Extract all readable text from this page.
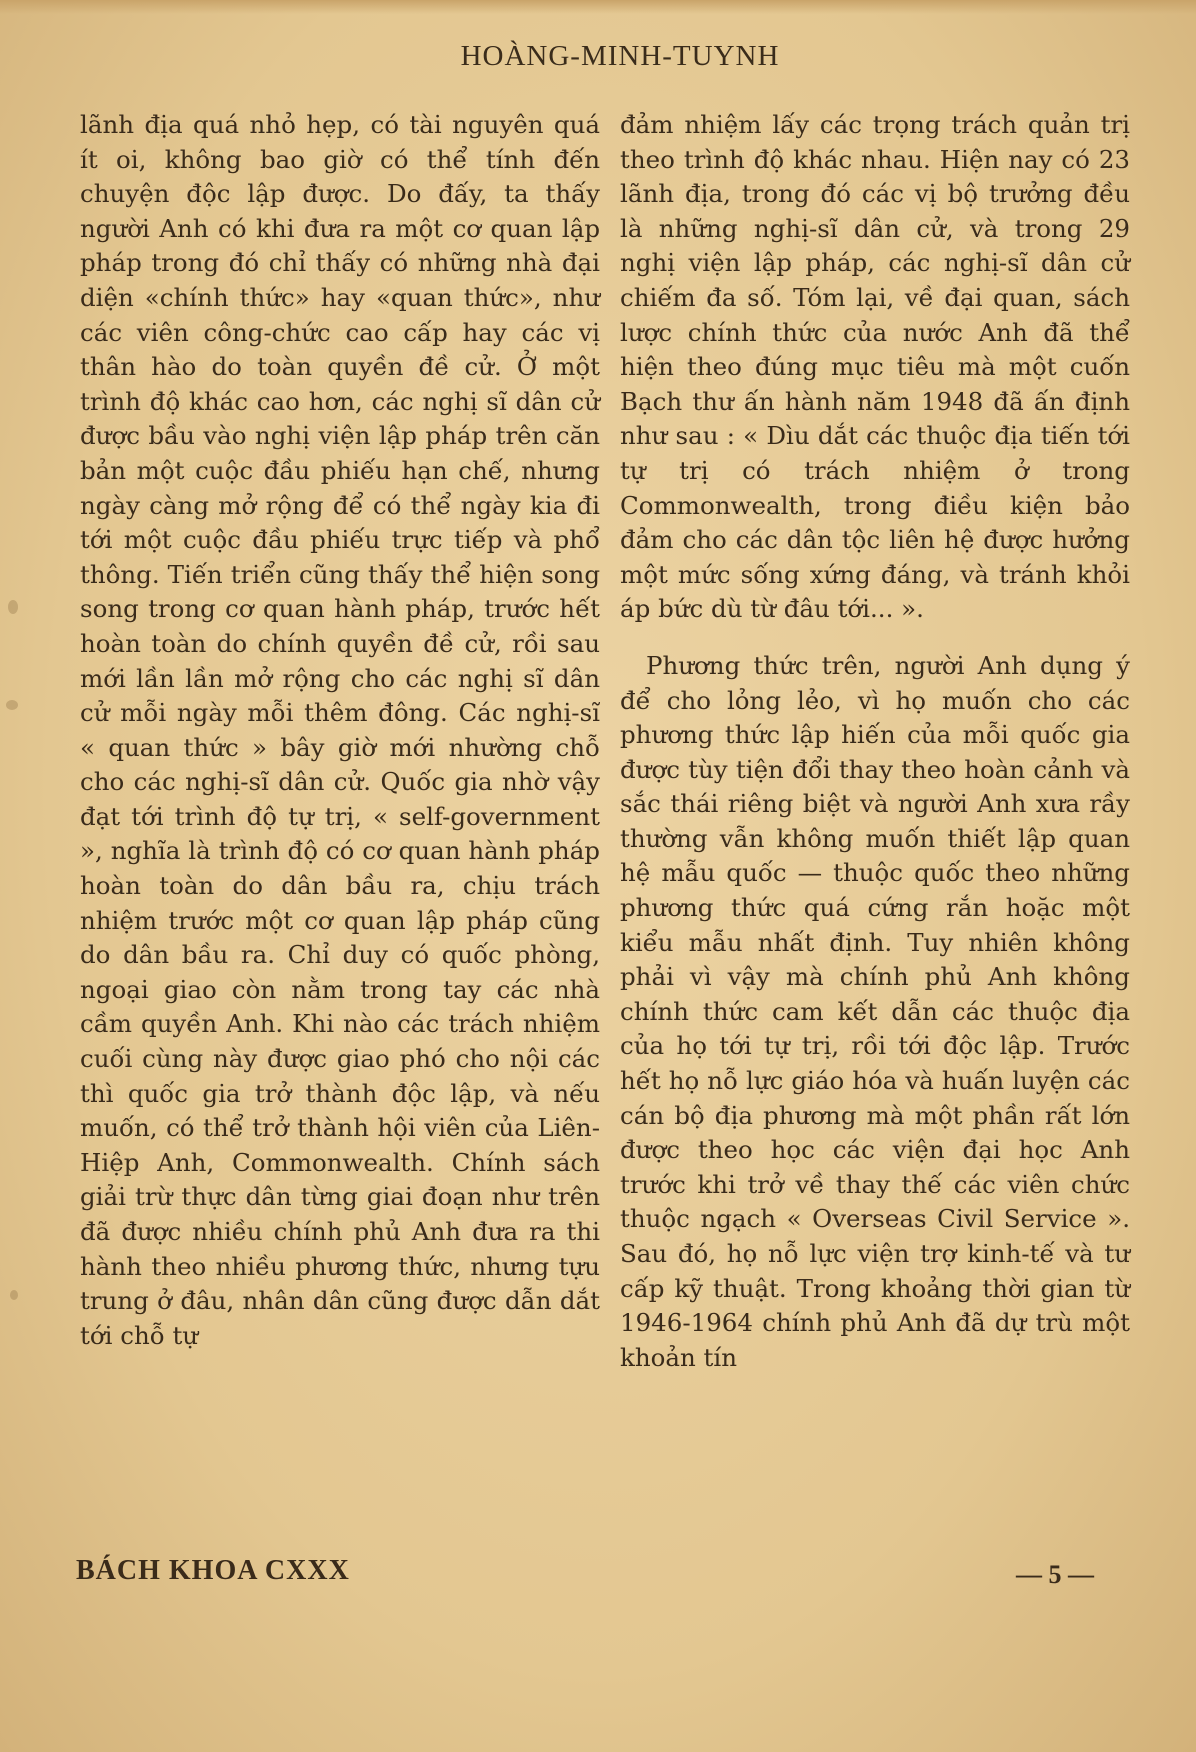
HOÀNG-MINH-TUYNH

lãnh địa quá nhỏ hẹp, có tài nguyên quá ít oi, không bao giờ có thể tính đến chuyện độc lập được. Do đấy, ta thấy người Anh có khi đưa ra một cơ quan lập pháp trong đó chỉ thấy có những nhà đại diện «chính thức» hay «quan thức», như các viên công-chức cao cấp hay các vị thân hào do toàn quyền đề cử. Ở một trình độ khác cao hơn, các nghị sĩ dân cử được bầu vào nghị viện lập pháp trên căn bản một cuộc đầu phiếu hạn chế, nhưng ngày càng mở rộng để có thể ngày kia đi tới một cuộc đầu phiếu trực tiếp và phổ thông. Tiến triển cũng thấy thể hiện song song trong cơ quan hành pháp, trước hết hoàn toàn do chính quyền đề cử, rồi sau mới lần lần mở rộng cho các nghị sĩ dân cử mỗi ngày mỗi thêm đông. Các nghị-sĩ « quan thức » bây giờ mới nhường chỗ cho các nghị-sĩ dân cử. Quốc gia nhờ vậy đạt tới trình độ tự trị, « self-government », nghĩa là trình độ có cơ quan hành pháp hoàn toàn do dân bầu ra, chịu trách nhiệm trước một cơ quan lập pháp cũng do dân bầu ra. Chỉ duy có quốc phòng, ngoại giao còn nằm trong tay các nhà cầm quyền Anh. Khi nào các trách nhiệm cuối cùng này được giao phó cho nội các thì quốc gia trở thành độc lập, và nếu muốn, có thể trở thành hội viên của Liên-Hiệp Anh, Commonwealth. Chính sách giải trừ thực dân từng giai đoạn như trên đã được nhiều chính phủ Anh đưa ra thi hành theo nhiều phương thức, nhưng tựu trung ở đâu, nhân dân cũng được dẫn dắt tới chỗ tự

đảm nhiệm lấy các trọng trách quản trị theo trình độ khác nhau. Hiện nay có 23 lãnh địa, trong đó các vị bộ trưởng đều là những nghị-sĩ dân cử, và trong 29 nghị viện lập pháp, các nghị-sĩ dân cử chiếm đa số. Tóm lại, về đại quan, sách lược chính thức của nước Anh đã thể hiện theo đúng mục tiêu mà một cuốn Bạch thư ấn hành năm 1948 đã ấn định như sau : « Dìu dắt các thuộc địa tiến tới tự trị có trách nhiệm ở trong Commonwealth, trong điều kiện bảo đảm cho các dân tộc liên hệ được hưởng một mức sống xứng đáng, và tránh khỏi áp bức dù từ đâu tới... ».

Phương thức trên, người Anh dụng ý để cho lỏng lẻo, vì họ muốn cho các phương thức lập hiến của mỗi quốc gia được tùy tiện đổi thay theo hoàn cảnh và sắc thái riêng biệt và người Anh xưa rầy thường vẫn không muốn thiết lập quan hệ mẫu quốc — thuộc quốc theo những phương thức quá cứng rắn hoặc một kiểu mẫu nhất định. Tuy nhiên không phải vì vậy mà chính phủ Anh không chính thức cam kết dẫn các thuộc địa của họ tới tự trị, rồi tới độc lập. Trước hết họ nỗ lực giáo hóa và huấn luyện các cán bộ địa phương mà một phần rất lớn được theo học các viện đại học Anh trước khi trở về thay thế các viên chức thuộc ngạch « Overseas Civil Service ». Sau đó, họ nỗ lực viện trợ kinh-tế và tư cấp kỹ thuật. Trong khoảng thời gian từ 1946-1964 chính phủ Anh đã dự trù một khoản tín

BÁCH KHOA CXXX	— 5 —
